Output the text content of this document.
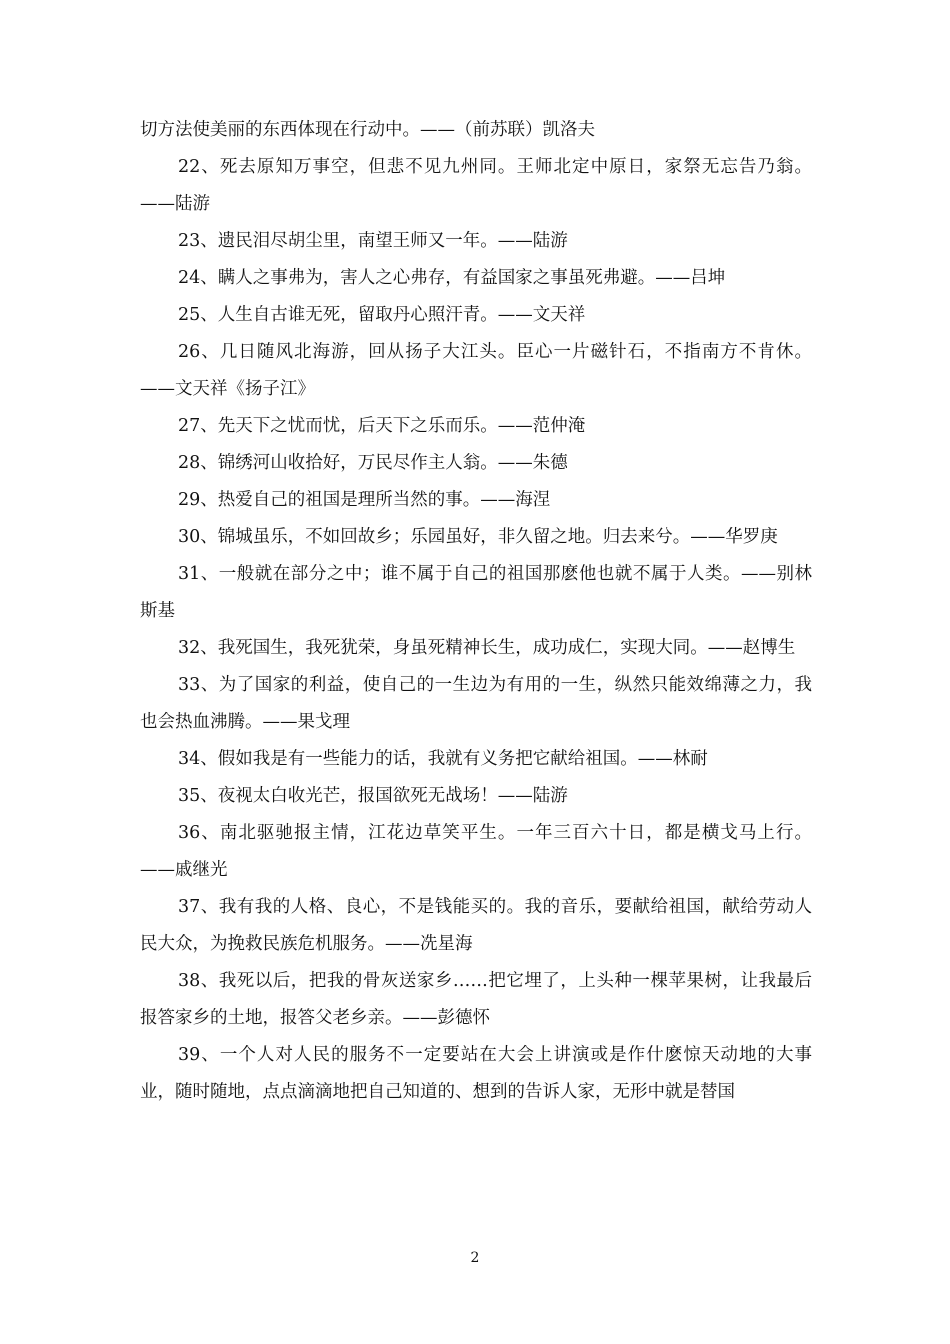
切方法使美丽的东西体现在行动中。——（前苏联）凯洛夫

22、死去原知万事空，但悲不见九州同。王师北定中原日，家祭无忘告乃翁。——陆游

23、遗民泪尽胡尘里，南望王师又一年。——陆游

24、瞒人之事弗为，害人之心弗存，有益国家之事虽死弗避。——吕坤

25、人生自古谁无死，留取丹心照汗青。——文天祥

26、几日随风北海游，回从扬子大江头。臣心一片磁针石，不指南方不肯休。——文天祥《扬子江》

27、先天下之忧而忧，后天下之乐而乐。——范仲淹

28、锦绣河山收拾好，万民尽作主人翁。——朱德

29、热爱自己的祖国是理所当然的事。——海涅

30、锦城虽乐，不如回故乡；乐园虽好，非久留之地。归去来兮。——华罗庚

31、一般就在部分之中；谁不属于自己的祖国那麽他也就不属于人类。——别林斯基

32、我死国生，我死犹荣，身虽死精神长生，成功成仁，实现大同。——赵博生

33、为了国家的利益，使自己的一生边为有用的一生，纵然只能效绵薄之力，我也会热血沸腾。——果戈理

34、假如我是有一些能力的话，我就有义务把它献给祖国。——林耐

35、夜视太白收光芒，报国欲死无战场！——陆游

36、南北驱驰报主情，江花边草笑平生。一年三百六十日，都是横戈马上行。——戚继光

37、我有我的人格、良心，不是钱能买的。我的音乐，要献给祖国，献给劳动人民大众，为挽救民族危机服务。——冼星海

38、我死以后，把我的骨灰送家乡……把它埋了，上头种一棵苹果树，让我最后报答家乡的土地，报答父老乡亲。——彭德怀

39、一个人对人民的服务不一定要站在大会上讲演或是作什麽惊天动地的大事业，随时随地，点点滴滴地把自己知道的、想到的告诉人家，无形中就是替国

2
